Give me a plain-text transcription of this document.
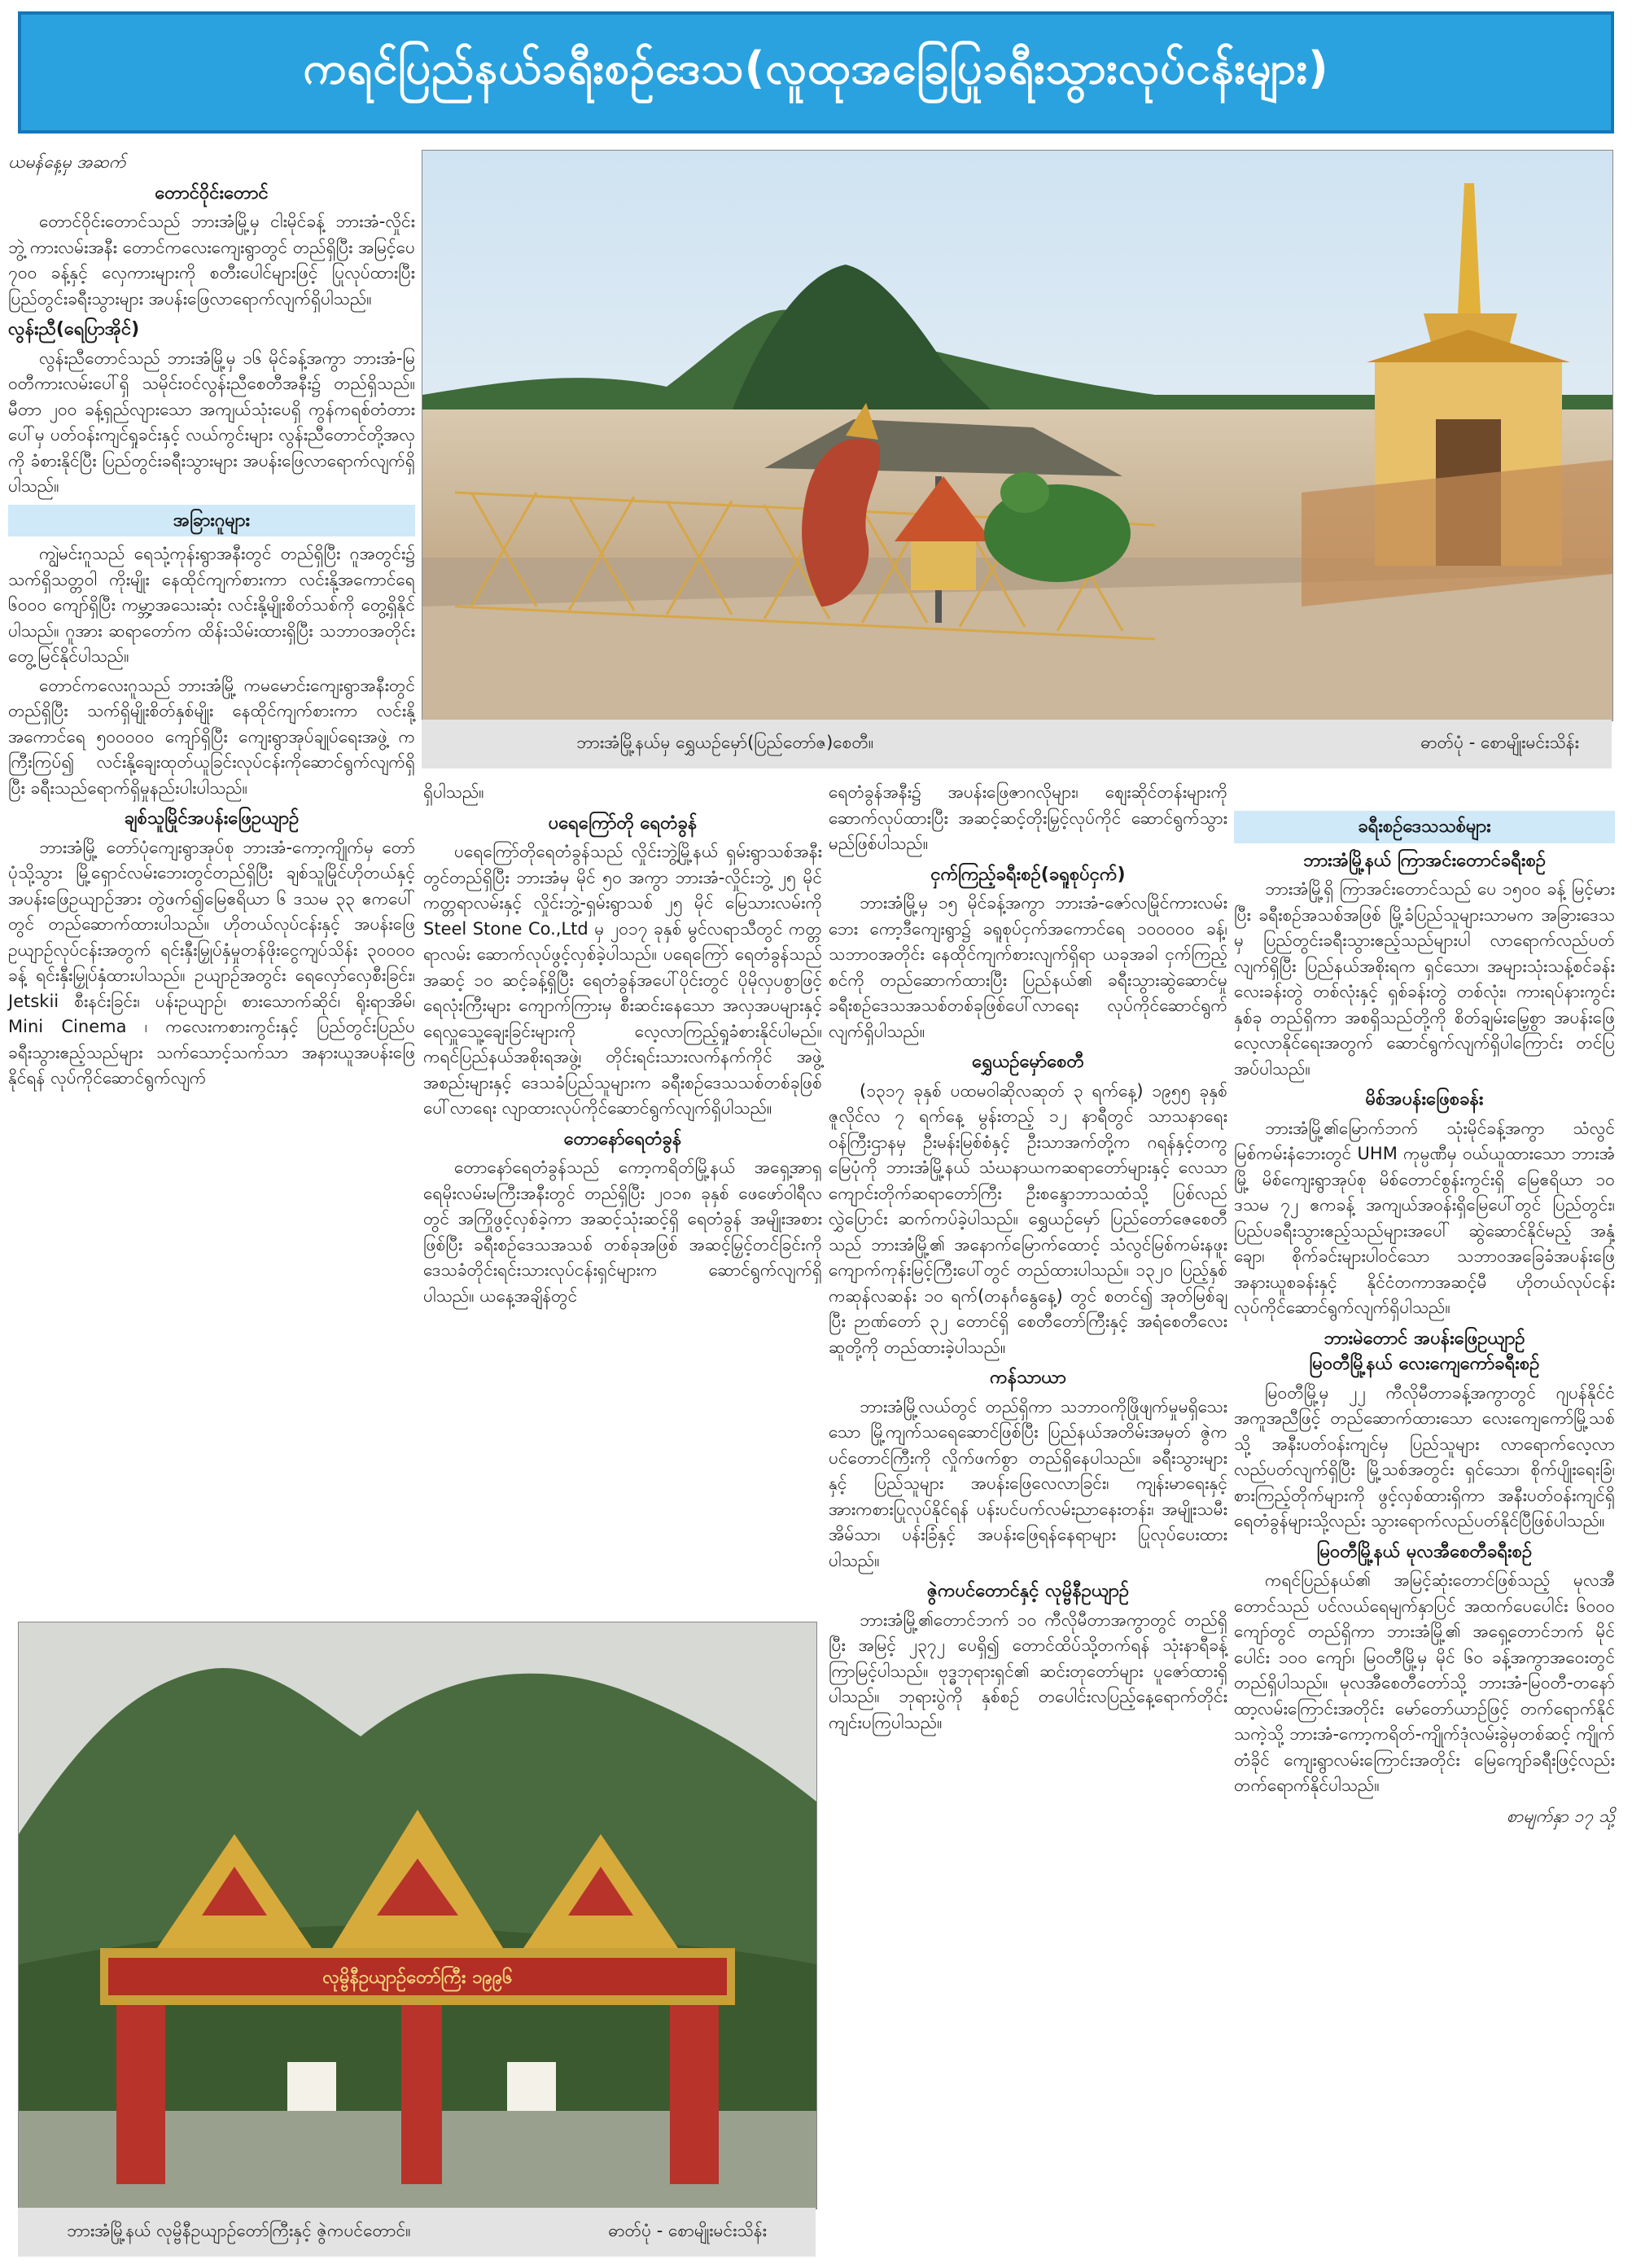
ကရင်ပြည်နယ်ခရီးစဉ်ဒေသ(လူထုအခြေပြုခရီးသွားလုပ်ငန်းများ)

ယမန်နေ့မှ အဆက်

တောင်ဝိုင်းတောင်

တောင်ဝိုင်းတောင်သည် ဘားအံမြို့မှ ငါးမိုင်ခန့် ဘားအံ-လှိုင်းဘွဲ့ ကားလမ်းအနီး တောင်ကလေးကျေးရွာတွင် တည်ရှိပြီး အမြင့်ပေ ၇၀၀ ခန့်နှင့် လှေကားများကို စတီးပေါင်များဖြင့် ပြုလုပ်ထားပြီး ပြည်တွင်းခရီးသွားများ အပန်းဖြေလာရောက်လျက်ရှိပါသည်။

လွန်းညီ(ရေပြာအိုင်)

လွန်းညီတောင်သည် ဘားအံမြို့မှ ၁၆ မိုင်ခန့်အကွာ ဘားအံ-မြဝတီကားလမ်းပေါ်ရှိ သမိုင်းဝင်လွန်းညီစေတီအနီး၌ တည်ရှိသည်။ မီတာ ၂၀၀ ခန့်ရှည်လျားသော အကျယ်သုံးပေရှိ ကွန်ကရစ်တံတားပေါ်မှ ပတ်ဝန်းကျင်ရှုခင်းနှင့် လယ်ကွင်းများ လွန်းညီတောင်တို့အလှကို ခံစားနိုင်ပြီး ပြည်တွင်းခရီးသွားများ အပန်းဖြေလာရောက်လျက်ရှိပါသည်။

အခြားဂူများ

ကျွဲမင်းဂူသည် ရေသုံ့ကုန်းရွာအနီးတွင် တည်ရှိပြီး ဂူအတွင်း၌ သက်ရှိသတ္တဝါ ကိုးမျိုး နေထိုင်ကျက်စားကာ လင်းနို့အကောင်ရေ ၆၀၀၀ ကျော်ရှိပြီး ကမ္ဘာ့အသေးဆုံး လင်းနို့မျိုးစိတ်သစ်ကို တွေ့ရှိနိုင်ပါသည်။ ဂူအား ဆရာတော်က ထိန်းသိမ်းထားရှိပြီး သဘာဝအတိုင်း တွေ့မြင်နိုင်ပါသည်။

တောင်ကလေးဂူသည် ဘားအံမြို့ ကမမောင်းကျေးရွာအနီးတွင် တည်ရှိပြီး သက်ရှိမျိုးစိတ်နှစ်မျိုး နေထိုင်ကျက်စားကာ လင်းနို့အကောင်ရေ ၅၀၀၀၀၀ ကျော်ရှိပြီး ကျေးရွာအုပ်ချုပ်ရေးအဖွဲ့ ကကြီးကြပ်၍ လင်းနို့ချေးထုတ်ယူခြင်းလုပ်ငန်းကိုဆောင်ရွက်လျက်ရှိပြီး ခရီးသည်ရောက်ရှိမှုနည်းပါးပါသည်။

ချစ်သူမြိုင်အပန်းဖြေဥယျာဉ်

ဘားအံမြို့ တော်ပုံကျေးရွာအုပ်စု ဘားအံ-ကော့ကျိုက်မှ တော်ပုံသို့သွား မြို့ရှောင်လမ်းဘေးတွင်တည်ရှိပြီး ချစ်သူမြိုင်ဟိုတယ်နှင့် အပန်းဖြေဥယျာဉ်အား တွဲဖက်၍မြေဧရိယာ ၆ ဒသမ ၃၃ ဧကပေါ်တွင် တည်ဆောက်ထားပါသည်။ ဟိုတယ်လုပ်ငန်းနှင့် အပန်းဖြေဥယျာဉ်လုပ်ငန်းအတွက် ရင်းနှီးမြှုပ်နှံမှုတန်ဖိုးငွေကျပ်သိန်း ၃၀၀၀၀ ခန့် ရင်းနှီးမြှုပ်နှံထားပါသည်။ ဥယျာဉ်အတွင်း ရေလှော်လှေစီးခြင်း၊ Jetskii စီးနင်းခြင်း၊ ပန်းဥယျာဉ်၊ စားသောက်ဆိုင်၊ ရိုးရာအိမ်၊ Mini Cinema ၊ ကလေးကစားကွင်းနှင့် ပြည်တွင်းပြည်ပခရီးသွားဧည့်သည်များ သက်သောင့်သက်သာ အနားယူအပန်းဖြေနိုင်ရန် လုပ်ကိုင်ဆောင်ရွက်လျက်

ဘားအံမြို့နယ်မှ ရွှေယဉ်မှော်(ပြည်တော်ဇ)စေတီ။	ဓာတ်ပုံ - စောမျိုးမင်းသိန်း

ရှိပါသည်။

ပရေကြော်တို ရေတံခွန်

ပရေကြော်တိုရေတံခွန်သည် လှိုင်းဘွဲ့မြို့နယ် ရှမ်းရွာသစ်အနီးတွင်တည်ရှိပြီး ဘားအံမှ မိုင် ၅၀ အကွာ ဘားအံ-လှိုင်းဘွဲ့ ၂၅ မိုင် ကတ္တရာလမ်းနှင့် လှိုင်းဘွဲ့-ရှမ်းရွာသစ် ၂၅ မိုင် မြေသားလမ်းကို Steel Stone Co.,Ltd မှ ၂၀၁၇ ခုနှစ် မွင်လရာသီတွင် ကတ္တရာလမ်း ဆောက်လုပ်ဖွင့်လှစ်ခဲ့ပါသည်။ ပရေကြော် ရေတံခွန်သည် အဆင့် ၁၀ ဆင့်ခန့်ရှိပြီး ရေတံခွန်အပေါ်ပိုင်းတွင် ပိုမိုလှပစွာဖြင့် ရေလုံးကြီးများ ကျောက်ကြားမှ စီးဆင်းနေသော အလှအပများနှင့် ရေလှူသေူ့ချေးခြင်းများကို လေ့လာကြည့်ရှုခံစားနိုင်ပါမည်။ ကရင်ပြည်နယ်အစိုးရအဖွဲ့၊ တိုင်းရင်းသားလက်နက်ကိုင် အဖွဲ့အစည်းများနှင့် ဒေသခံပြည်သူများက ခရီးစဉ်ဒေသသစ်တစ်ခုဖြစ်ပေါ်လာရေး လျာထားလုပ်ကိုင်ဆောင်ရွက်လျက်ရှိပါသည်။

တောနော်ရေတံခွန်

တောနော်ရေတံခွန်သည် ကော့ကရိတ်မြို့နယ် အရှေ့အာရှရေမိုးလမ်းမကြီးအနီးတွင် တည်ရှိပြီး ၂၀၁၈ ခုနှစ် ဖေဖော်ဝါရီလတွင် အကြိုဖွင့်လှစ်ခဲ့ကာ အဆင့်သုံးဆင့်ရှိ ရေတံခွန် အမျိုးအစားဖြစ်ပြီး ခရီးစဉ်ဒေသအသစ် တစ်ခုအဖြစ် အဆင့်မြှင့်တင်ခြင်းကို ဒေသခံတိုင်းရင်းသားလုပ်ငန်းရှင်များက ဆောင်ရွက်လျက်ရှိပါသည်။ ယနေ့အချိန်တွင်

ရေတံခွန်အနီး၌ အပန်းဖြေဇာဂလိုများ၊ စျေးဆိုင်တန်းများကို ဆောက်လုပ်ထားပြီး အဆင့်ဆင့်တိုးမြှင့်လုပ်ကိုင် ဆောင်ရွက်သွားမည်ဖြစ်ပါသည်။

ငှက်ကြည့်ခရီးစဉ်(ခရူစုပ်ငှက်)

ဘားအံမြို့မှ ၁၅ မိုင်ခန့်အကွာ ဘားအံ-ဇော်လမြိုင်ကားလမ်းဘေး ကော့ဒီကျေးရွာ၌ ခရူစုပ်ငှက်အကောင်ရေ ၁၀၀၀၀၀ ခန့်၊ သဘာဝအတိုင်း နေထိုင်ကျက်စားလျက်ရှိရာ ယခုအခါ ငှက်ကြည့်စင်ကို တည်ဆောက်ထားပြီး ပြည်နယ်၏ ခရီးသွားဆွဲဆောင်မှု ခရီးစဉ်ဒေသအသစ်တစ်ခုဖြစ်ပေါ်လာရေး လုပ်ကိုင်ဆောင်ရွက်လျက်ရှိပါသည်။

ရွှေယဉ်မှော်စေတီ

(၁၃၁၇ ခုနှစ် ပထမဝါဆိုလဆုတ် ၃ ရက်နေ့) ၁၉၅၅ ခုနှစ် ဇူလိုင်လ ၇ ရက်နေ့ မွန်းတည့် ၁၂ နာရီတွင် သာသနာရေးဝန်ကြီးဌာနမှ ဦးမန်းမြစ်စံနှင့် ဦးသာအက်တို့က ဂရန်နှင့်တကွ မြေပုံကို ဘားအံမြို့နယ် သံဃနာယကဆရာတော်များနှင့် လေသာကျောင်းတိုက်ဆရာတော်ကြီး ဦးစန္ဒောဘာသထံသို့ ပြစ်လည်လွှဲပြောင်း ဆက်ကပ်ခဲ့ပါသည်။ ရွှေယဉ်မှော် ပြည်တော်ဇေစေတီသည် ဘားအံမြို့၏ အနောက်မြောက်ထောင့် သံလွင်မြစ်ကမ်းနဖူး ကျောက်ကုန်းမြင့်ကြီးပေါ်တွင် တည်ထားပါသည်။ ၁၃၂၀ ပြည့်နှစ် ကဆုန်လဆန်း ၁၀ ရက်(တနင်္ဂနွေနေ့) တွင် စတင်၍ အုတ်မြစ်ချပြီး ဉာဏ်တော် ၃၂ တောင်ရှိ စေတီတော်ကြီးနှင့် အရံစေတီလေးဆူတို့ကို တည်ထားခဲ့ပါသည်။

ကန်သာယာ

ဘားအံမြို့လယ်တွင် တည်ရှိကာ သဘာဝကိုဖြိုဖျက်မှုမရှိသေးသော မြို့ကျက်သရေဆောင်ဖြစ်ပြီး ပြည်နယ်အတိမ်းအမှတ် ဇွဲကပင်တောင်ကြီးကို လှိုက်ဖက်စွာ တည်ရှိနေပါသည်။ ခရီးသွားများနှင့် ပြည်သူများ အပန်းဖြေလေလာခြင်း၊ ကျန်းမာရေးနှင့် အားကစားပြုလုပ်နိုင်ရန် ပန်းပင်ပက်လမ်းညာနေးတန်း၊ အမျိုးသမီးအိမ်သာ၊ ပန်းခြံနှင့် အပန်းဖြေရန်နေရာများ ပြုလုပ်ပေးထားပါသည်။

ဇွဲကပင်တောင်နှင့် လုမ္ဗိနီဥယျာဉ်

ဘားအံမြို့၏တောင်ဘက် ၁၀ ကီလိုမီတာအကွာတွင် တည်ရှိပြီး အမြင့် ၂၃၇၂ ပေရှိ၍ တောင်ထိပ်သို့တက်ရန် သုံးနာရီခန့်ကြာမြင့်ပါသည်။ ဗုဒ္ဓဘုရားရှင်၏ ဆင်းတုတော်များ ပူဇော်ထားရှိပါသည်။ ဘုရားပွဲကို နှစ်စဉ် တပေါင်းလပြည့်နေ့ရောက်တိုင်း ကျင်းပကြပါသည်။

ခရီးစဉ်ဒေသသစ်များ
ဘားအံမြို့နယ် ကြာအင်းတောင်ခရီးစဉ်

ဘားအံမြို့ရှိ ကြာအင်းတောင်သည် ပေ ၁၅၀၀ ခန့် မြင့်မားပြီး ခရီးစဉ်အသစ်အဖြစ် မြို့ခံပြည်သူများသာမက အခြားဒေသမှ ပြည်တွင်းခရီးသွားဧည့်သည်များပါ လာရောက်လည်ပတ်လျက်ရှိပြီး ပြည်နယ်အစိုးရက ရှင်သော၊ အများသုံးသန့်စင်ခန်း လေးခန်းတွဲ တစ်လုံးနှင့် ရှစ်ခန်းတွဲ တစ်လုံး၊ ကားရပ်နားကွင်း နှစ်ခု တည်ရှိကာ အစရှိသည်တို့ကို စိတ်ချမ်းမြေ့စွာ အပန်းဖြေလေ့လာနိုင်ရေးအတွက် ဆောင်ရွက်လျက်ရှိပါကြောင်း တင်ပြအပ်ပါသည်။

မိစ်အပန်းဖြေစခန်း

ဘားအံမြို့၏မြောက်ဘက် သုံးမိုင်ခန့်အကွာ သံလွင်မြစ်ကမ်းနံဘေးတွင် UHM ကုမ္ပဏီမှ ဝယ်ယူထားသော ဘားအံမြို့ မိစ်ကျေးရွာအုပ်စု မိစ်တောင်စွန်းကွင်းရှိ မြေဧရိယာ ၁၀ ဒသမ ၇၂ ဧကခန့် အကျယ်အဝန်းရှိမြေပေါ်တွင် ပြည်တွင်း၊ ပြည်ပခရီးသွားဧည့်သည်များအပေါ် ဆွဲဆောင်နိုင်မည့် အနှံ့ချော၊ စိုက်ခင်းများပါဝင်သော သဘာဝအခြေခံအပန်းဖြေအနားယူစခန်းနှင့် နိုင်ငံတကာအဆင့်မီ ဟိုတယ်လုပ်ငန်း လုပ်ကိုင်ဆောင်ရွက်လျက်ရှိပါသည်။

ဘားမဲတောင် အပန်းဖြေဥယျာဉ်
မြဝတီမြို့နယ် လေးကျေကော်ခရီးစဉ်

မြဝတီမြို့မှ ၂၂ ကီလိုမီတာခန့်အကွာတွင် ဂျပန်နိုင်ငံ အကူအညီဖြင့် တည်ဆောက်ထားသော လေးကျေကော်မြို့သစ်သို့ အနီးပတ်ဝန်းကျင်မှ ပြည်သူများ လာရောက်လေ့လာလည်ပတ်လျက်ရှိပြီး မြို့သစ်အတွင်း ရှင်သော၊ စိုက်ပျိုးရေးခြံ၊ စားကြည့်တိုက်များကို ဖွင့်လှစ်ထားရှိကာ အနီးပတ်ဝန်းကျင်ရှိ ရေတံခွန်များသို့လည်း သွားရောက်လည်ပတ်နိုင်ပြီဖြစ်ပါသည်။

မြဝတီမြို့နယ် မုလအီစေတီခရီးစဉ်

ကရင်ပြည်နယ်၏ အမြင့်ဆုံးတောင်ဖြစ်သည့် မုလအီတောင်သည် ပင်လယ်ရေမျက်နှာပြင် အထက်ပေပေါင်း ၆၀၀၀ ကျော်တွင် တည်ရှိကာ ဘားအံမြို့၏ အရှေ့တောင်ဘက် မိုင်ပေါင်း ၁၀၀ ကျော်၊ မြဝတီမြို့မှ မိုင် ၆၀ ခန့်အကွာအဝေးတွင် တည်ရှိပါသည်။ မုလအီစေတီတော်သို့ ဘားအံ-မြဝတီ-တနော်ထာ့လမ်းကြောင်းအတိုင်း မော်တော်ယာဉ်ဖြင့် တက်ရောက်နိုင်သကဲ့သို့ ဘားအံ-ကော့ကရိတ်-ကျိုက်ဒုံလမ်းခွဲမှတစ်ဆင့် ကျိုက်တံခိုင် ကျေးရွာလမ်းကြောင်းအတိုင်း မြေကျော်ခရီးဖြင့်လည်း တက်ရောက်နိုင်ပါသည်။

စာမျက်နှာ ၁၇ သို့

လုမ္ဗိနီဥယျာဉ်တော်ကြီး ၁၉၉၆
ဘားအံမြို့နယ် လုမ္ဗိနီဥယျာဉ်တော်ကြီးနှင့် ဇွဲကပင်တောင်။	ဓာတ်ပုံ - စောမျိုးမင်းသိန်း
